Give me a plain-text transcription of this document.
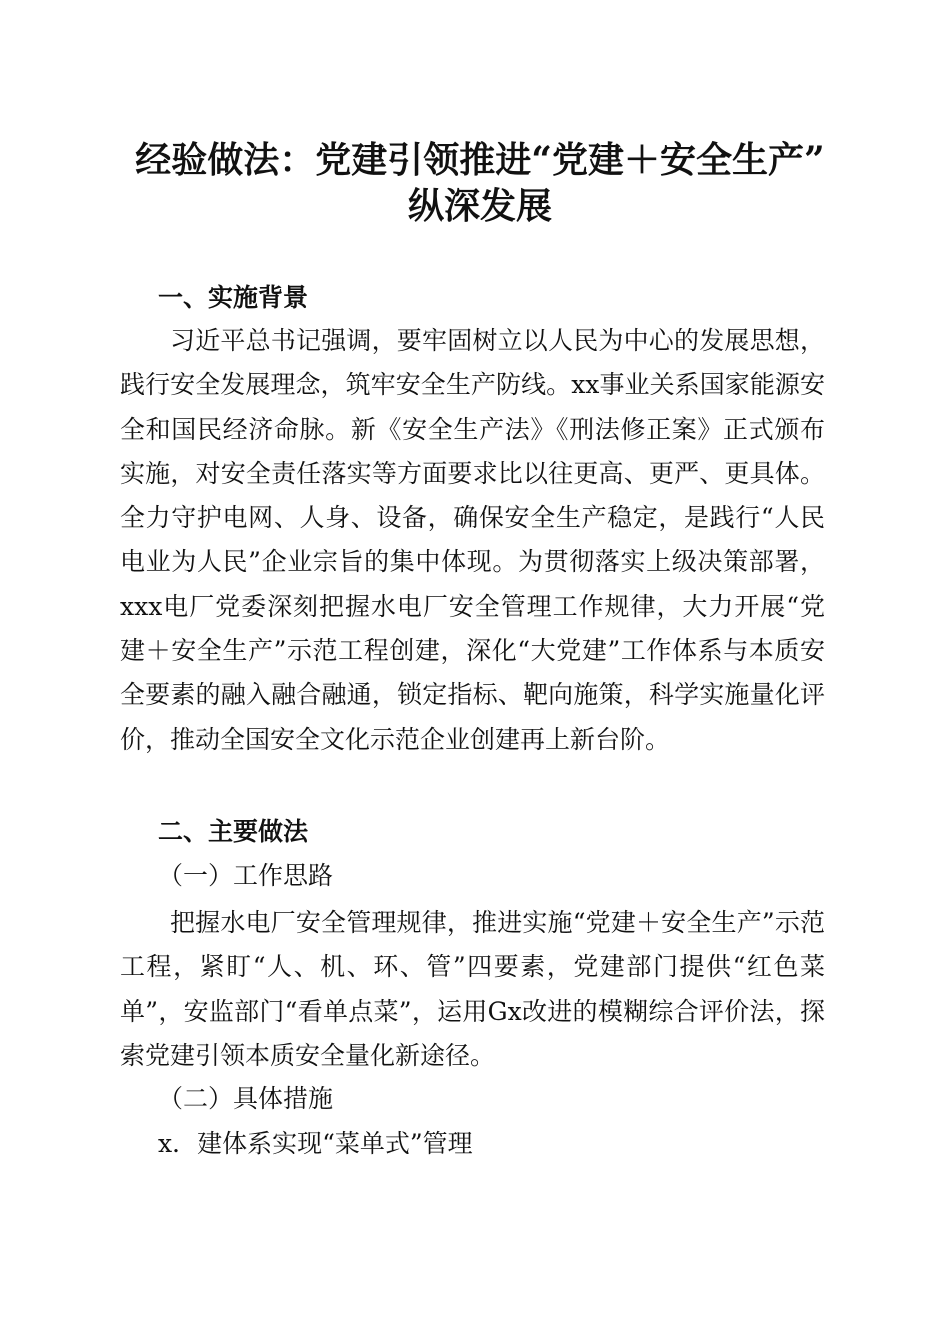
经验做法：党建引领推进“党建＋安全生产”
纵深发展
一、实施背景

习近平总书记强调，要牢固树立以人民为中心的发展思想，践行安全发展理念，筑牢安全生产防线。xx事业关系国家能源安全和国民经济命脉。新《安全生产法》《刑法修正案》正式颁布实施，对安全责任落实等方面要求比以往更高、更严、更具体。全力守护电网、人身、设备，确保安全生产稳定，是践行“人民电业为人民”企业宗旨的集中体现。为贯彻落实上级决策部署，xxx电厂党委深刻把握水电厂安全管理工作规律，大力开展“党建＋安全生产”示范工程创建，深化“大党建”工作体系与本质安全要素的融入融合融通，锁定指标、靶向施策，科学实施量化评价，推动全国安全文化示范企业创建再上新台阶。

二、主要做法
（一）工作思路

把握水电厂安全管理规律，推进实施“党建＋安全生产”示范工程，紧盯“人、机、环、管”四要素，党建部门提供“红色菜单”，安监部门“看单点菜”，运用Gx改进的模糊综合评价法，探索党建引领本质安全量化新途径。

（二）具体措施
x．建体系实现“菜单式”管理
